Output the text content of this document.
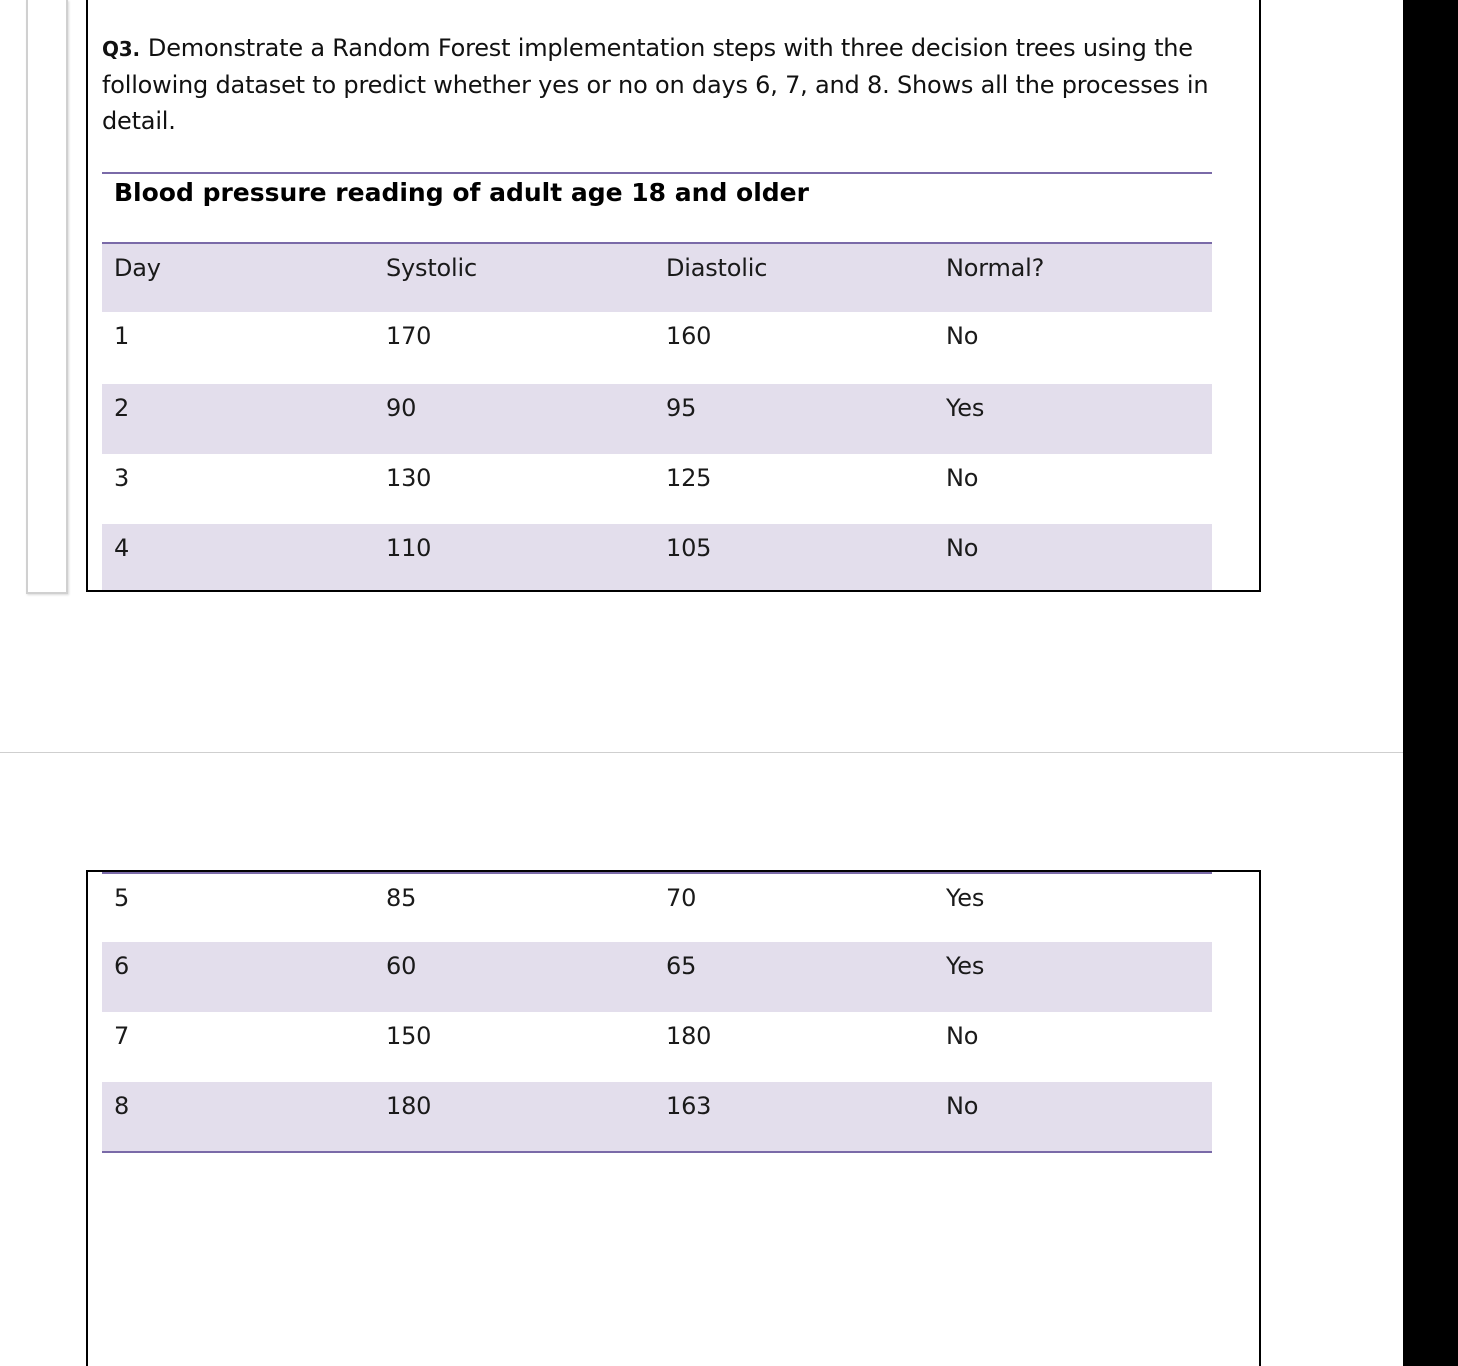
Q3. Demonstrate a Random Forest implementation steps with three decision trees using the following dataset to predict whether yes or no on days 6, 7, and 8. Shows all the processes in detail.
Blood pressure reading of adult age 18 and older
Day	Systolic	Diastolic	Normal?
1	170	160	No
2	90	95	Yes
3	130	125	No
4	110	105	No
5	85	70	Yes
6	60	65	Yes
7	150	180	No
8	180	163	No
